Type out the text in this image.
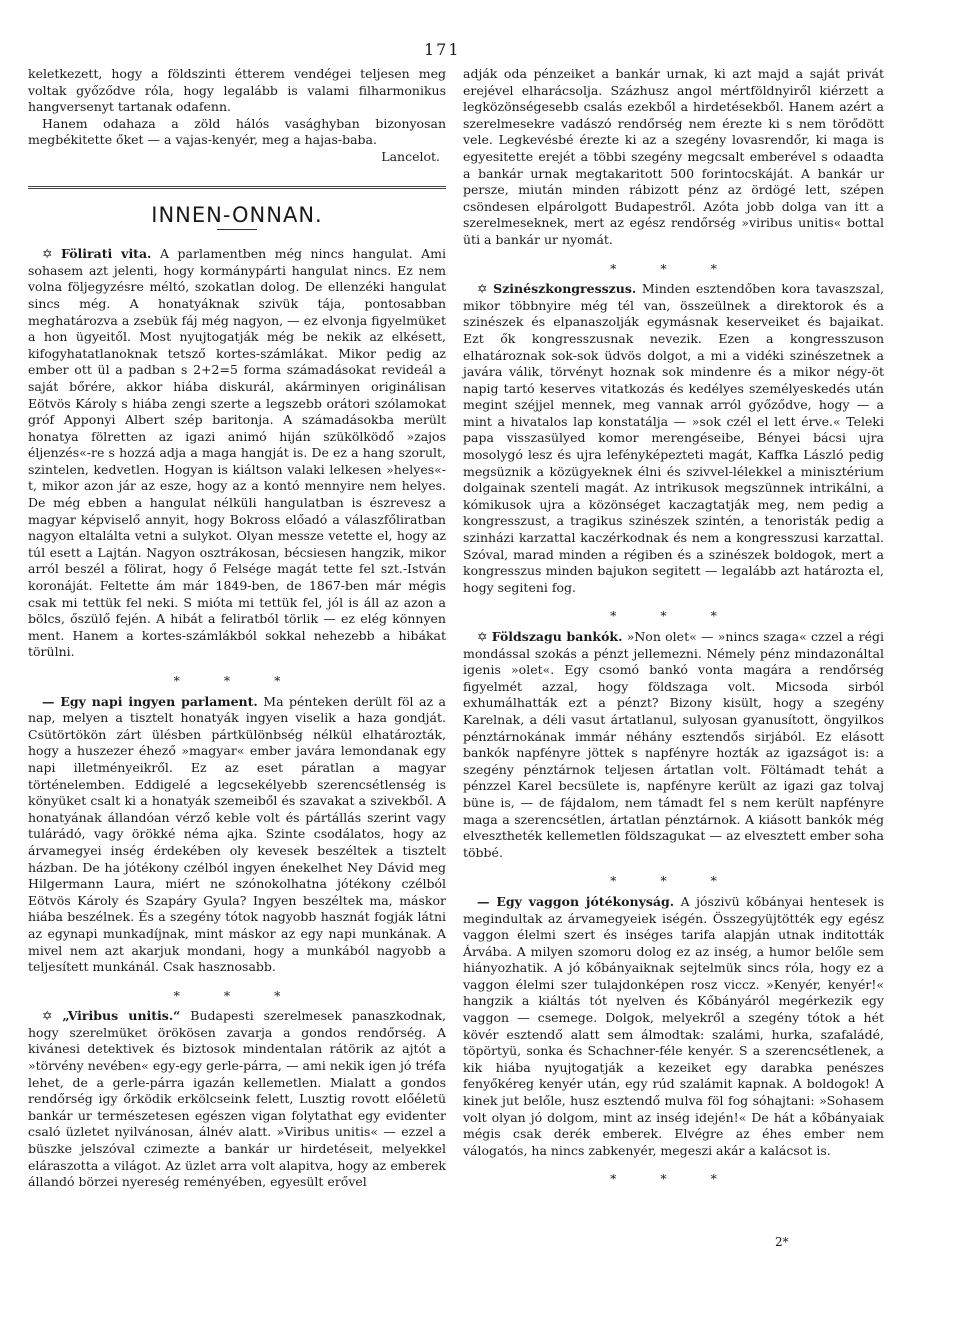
171

keletkezett, hogy a földszinti étterem vendégei teljesen meg voltak győződve róla, hogy legalább is valami filharmonikus hangversenyt tartanak odafenn.

Hanem odahaza a zöld hálós vasághyban bizonyosan megbékitette őket — a vajas-kenyér, meg a hajas-baba.

Lancelot.
INNEN-ONNAN.

✡ Fölirati vita. A parlamentben még nincs hangulat. Ami sohasem azt jelenti, hogy kormánypárti hangulat nincs. Ez nem volna följegyzésre méltó, szokatlan dolog. De ellenzéki hangulat sincs még. A honatyáknak szivük tája, pontosabban meghatározva a zsebük fáj még nagyon, — ez elvonja figyelmüket a hon ügyeitől. Most nyujtogatják még be nekik az elkésett, kifogyhatatlanoknak tetsző kortes-számlákat. Mikor pedig az ember ott ül a padban s 2+2=5 forma számadásokat revideál a saját bőrére, akkor hiába diskurál, akárminyen originálisan Eötvös Károly s hiába zengi szerte a legszebb orátori szólamokat gróf Apponyi Albert szép baritonja. A számadásokba merült honatya fölretten az igazi animó hiján szükölködő »zajos éljenzés«-re s hozzá adja a maga hangját is. De ez a hang szorult, szintelen, kedvetlen. Hogyan is kiáltson valaki lelkesen »helyes«-t, mikor azon jár az esze, hogy az a kontó mennyire nem helyes. De még ebben a hangulat nélküli hangulatban is észrevesz a magyar képviselő annyit, hogy Bokross előadó a válaszfőliratban nagyon eltalálta vetni a sulykot. Olyan messze vetette el, hogy az túl esett a Lajtán. Nagyon osztrákosan, bécsiesen hangzik, mikor arról beszél a fölirat, hogy ő Felsége magát tette fel szt.-István koronáját. Feltette ám már 1849-ben, de 1867-ben már mégis csak mi tettük fel neki. S mióta mi tettük fel, jól is áll az azon a bölcs, őszülő fején. A hibát a feliratból törlik — ez elég könnyen ment. Hanem a kortes-számlákból sokkal nehezebb a hibákat törülni.

* * *

— Egy napi ingyen parlament. Ma pénteken derült föl az a nap, melyen a tisztelt honatyák ingyen viselik a haza gondját. Csütörtökön zárt ülésben pártkülönbség nélkül elhatározták, hogy a huszezer éhező »magyar« ember javára lemondanak egy napi illetményeikről. Ez az eset páratlan a magyar történelemben. Eddigelé a legcsekélyebb szerencsétlenség is könyüket csalt ki a honatyák szemeiből és szavakat a szivekből. A honatyának állandóan vérző keble volt és pártállás szerint vagy tulárádó, vagy örökké néma ajka. Szinte csodálatos, hogy az árvamegyei inség érdekében oly kevesek beszéltek a tisztelt házban. De ha jótékony czélból ingyen énekelhet Ney Dávid meg Hilgermann Laura, miért ne szónokolhatna jótékony czélból Eötvös Károly és Szapáry Gyula? Ingyen beszéltek ma, máskor hiába beszélnek. És a szegény tótok nagyobb hasznát fogják látni az egynapi munkadíjnak, mint máskor az egy napi munkának. A mivel nem azt akarjuk mondani, hogy a munkából nagyobb a teljesített munkánál. Csak hasznosabb.

* * *

✡ „Viribus unitis.“ Budapesti szerelmesek panaszkodnak, hogy szerelmüket örökösen zavarja a gondos rendőrség. A kivánesi detektivek és biztosok mindentalan rátörik az ajtót a »törvény nevében« egy-egy gerle-párra, — ami nekik igen jó tréfa lehet, de a gerle-párra igazán kellemetlen. Mialatt a gondos rendőrség igy őrködik erkölcseink felett, Lusztig rovott előéletü bankár ur természetesen egészen vigan folytathat egy evidenter csaló üzletet nyilvánosan, álnév alatt. »Viribus unitis« — ezzel a büszke jelszóval czimezte a bankár ur hirdetéseit, melyekkel eláraszotta a világot. Az üzlet arra volt alapitva, hogy az emberek állandó börzei nyereség reményében, egyesült erővel

adják oda pénzeiket a bankár urnak, ki azt majd a saját privát erejével elharácsolja. Százhusz angol mértföldnyiről kiérzett a legközönségesebb csalás ezekből a hirdetésekből. Hanem azért a szerelmesekre vadászó rendőrség nem érezte ki s nem törődött vele. Legkevésbé érezte ki az a szegény lovasrendőr, ki maga is egyesitette erejét a többi szegény megcsalt emberével s odaadta a bankár urnak megtakaritott 500 forintocskáját. A bankár ur persze, miután minden rábizott pénz az ördögé lett, szépen csöndesen elpárolgott Budapestről. Azóta jobb dolga van itt a szerelmeseknek, mert az egész rendőrség »viribus unitis« bottal üti a bankár ur nyomát.

* * *

✡ Szinészkongresszus. Minden esztendőben kora tavaszszal, mikor többnyire még tél van, összeülnek a direktorok és a szinészek és elpanaszolják egymásnak keserveiket és bajaikat. Ezt ők kongresszusnak nevezik. Ezen a kongresszuson elhatároznak sok-sok üdvös dolgot, a mi a vidéki szinészetnek a javára válik, törvényt hoznak sok mindenre és a mikor négy-öt napig tartó keserves vitatkozás és kedélyes személyeskedés után megint széjjel mennek, meg vannak arról győződve, hogy — a mint a hivatalos lap konstatálja — »sok czél el lett érve.« Teleki papa visszasülyed komor merengéseibe, Bényei bácsi ujra mosolygó lesz és ujra lefényképezteti magát, Kaffka László pedig megsüznik a közügyeknek élni és szivvel-lélekkel a minisztérium dolgainak szenteli magát. Az intrikusok megszünnek intrikálni, a kómikusok ujra a közönséget kaczagtatják meg, nem pedig a kongresszust, a tragikus szinészek szintén, a tenoristák pedig a szinházi karzattal kaczérkodnak és nem a kongresszusi karzattal. Szóval, marad minden a régiben és a szinészek boldogok, mert a kongresszus minden bajukon segitett — legalább azt határozta el, hogy segiteni fog.

* * *

✡ Földszagu bankók. »Non olet« — »nincs szaga« czzel a régi mondással szokás a pénzt jellemezni. Némely pénz mindazonáltal igenis »olet«. Egy csomó bankó vonta magára a rendőrség figyelmét azzal, hogy földszaga volt. Micsoda sirból exhumálhatták ezt a pénzt? Bizony kisült, hogy a szegény Karelnak, a déli vasut ártatlanul, sulyosan gyanusított, öngyilkos pénztárnokának immár néhány esztendős sirjából. Ez elásott bankók napfényre jöttek s napfényre hozták az igazságot is: a szegény pénztárnok teljesen ártatlan volt. Föltámadt tehát a pénzzel Karel becsülete is, napfényre került az igazi gaz tolvaj büne is, — de fájdalom, nem támadt fel s nem került napfényre maga a szerencsétlen, ártatlan pénztárnok. A kiásott bankók még elvesztheték kellemetlen földszagukat — az elvesztett ember soha többé.

* * *

— Egy vaggon jótékonyság. A jószivü kőbányai hentesek is megindultak az árvamegyeiek iségén. Összegyüjtötték egy egész vaggon élelmi szert és inséges tarifa alapján utnak inditották Árvába. A milyen szomoru dolog ez az inség, a humor belőle sem hiányozhatik. A jó kőbányaiknak sejtelmük sincs róla, hogy ez a vaggon élelmi szer tulajdonképen rosz viccz. »Kenyér, kenyér!« hangzik a kiáltás tót nyelven és Kőbányáról megérkezik egy vaggon — csemege. Dolgok, melyekről a szegény tótok a hét kövér esztendő alatt sem álmodtak: szalámi, hurka, szafaládé, töpörtyü, sonka és Schachner-féle kenyér. S a szerencsétlenek, a kik hiába nyujtogatják a kezeiket egy darabka penészes fenyőkéreg kenyér után, egy rúd szalámit kapnak. A boldogok! A kinek jut belőle, husz esztendő mulva föl fog sóhajtani: »Sohasem volt olyan jó dolgom, mint az inség idején!« De hát a kőbányaiak mégis csak derék emberek. Elvégre az éhes ember nem válogatós, ha nincs zabkenyér, megeszi akár a kalácsot is.

* * *
2*
